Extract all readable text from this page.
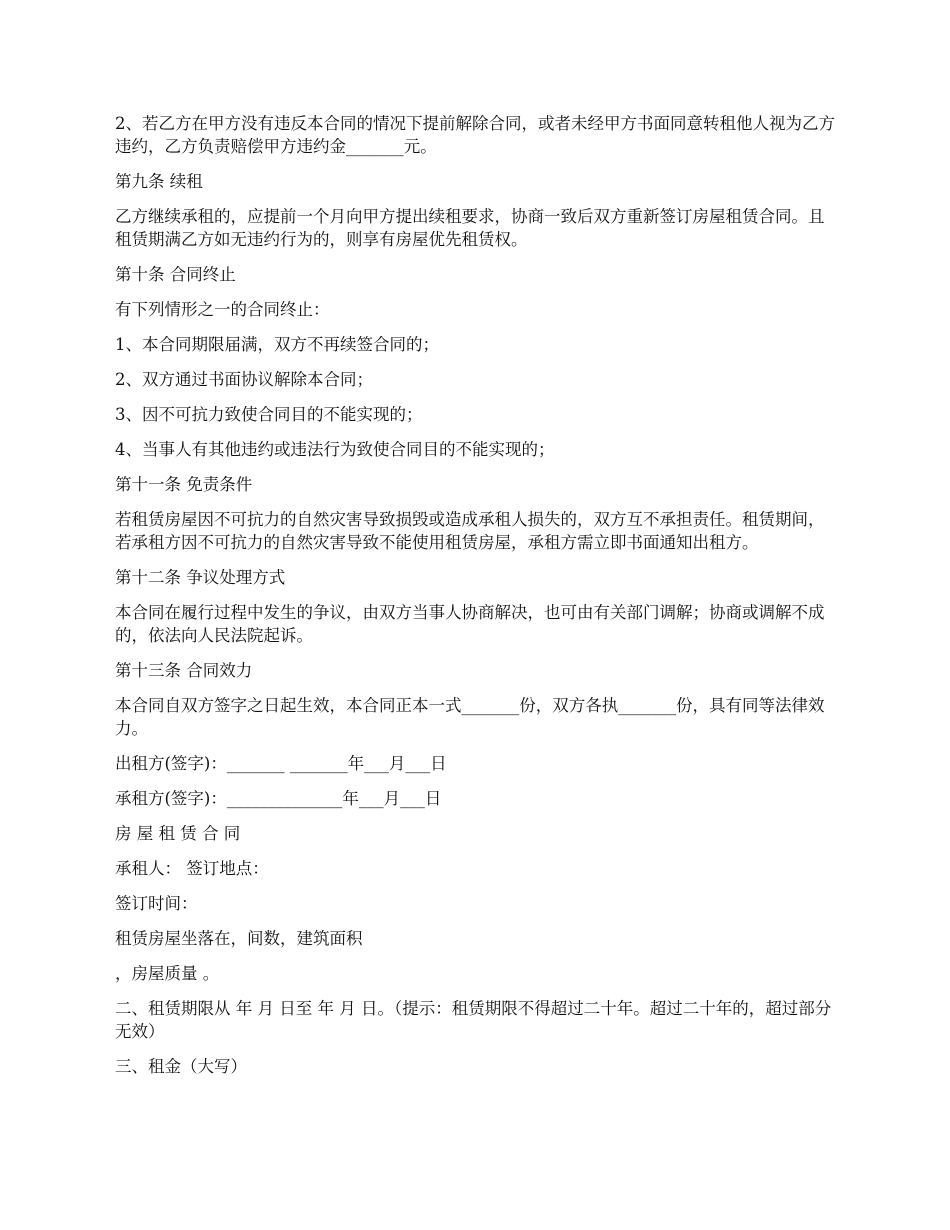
2、若乙方在甲方没有违反本合同的情况下提前解除合同，或者未经甲方书面同意转租他人视为乙方违约，乙方负责赔偿甲方违约金_______元。

第九条 续租

乙方继续承租的，应提前一个月向甲方提出续租要求，协商一致后双方重新签订房屋租赁合同。且租赁期满乙方如无违约行为的，则享有房屋优先租赁权。

第十条 合同终止

有下列情形之一的合同终止：

1、本合同期限届满，双方不再续签合同的；

2、双方通过书面协议解除本合同；

3、因不可抗力致使合同目的不能实现的；

4、当事人有其他违约或违法行为致使合同目的不能实现的；

第十一条 免责条件

若租赁房屋因不可抗力的自然灾害导致损毁或造成承租人损失的，双方互不承担责任。租赁期间，若承租方因不可抗力的自然灾害导致不能使用租赁房屋，承租方需立即书面通知出租方。

第十二条 争议处理方式

本合同在履行过程中发生的争议，由双方当事人协商解决，也可由有关部门调解；协商或调解不成的，依法向人民法院起诉。

第十三条 合同效力

本合同自双方签字之日起生效，本合同正本一式_______份，双方各执_______份，具有同等法律效力。

出租方(签字)：_______ _______年___月___日

承租方(签字)：______________年___月___日

房 屋 租 赁 合 同

承租人： 签订地点：

签订时间：

租赁房屋坐落在，间数，建筑面积

，房屋质量 。

二、租赁期限从 年 月 日至 年 月 日。（提示：租赁期限不得超过二十年。超过二十年的，超过部分无效）

三、租金（大写）
